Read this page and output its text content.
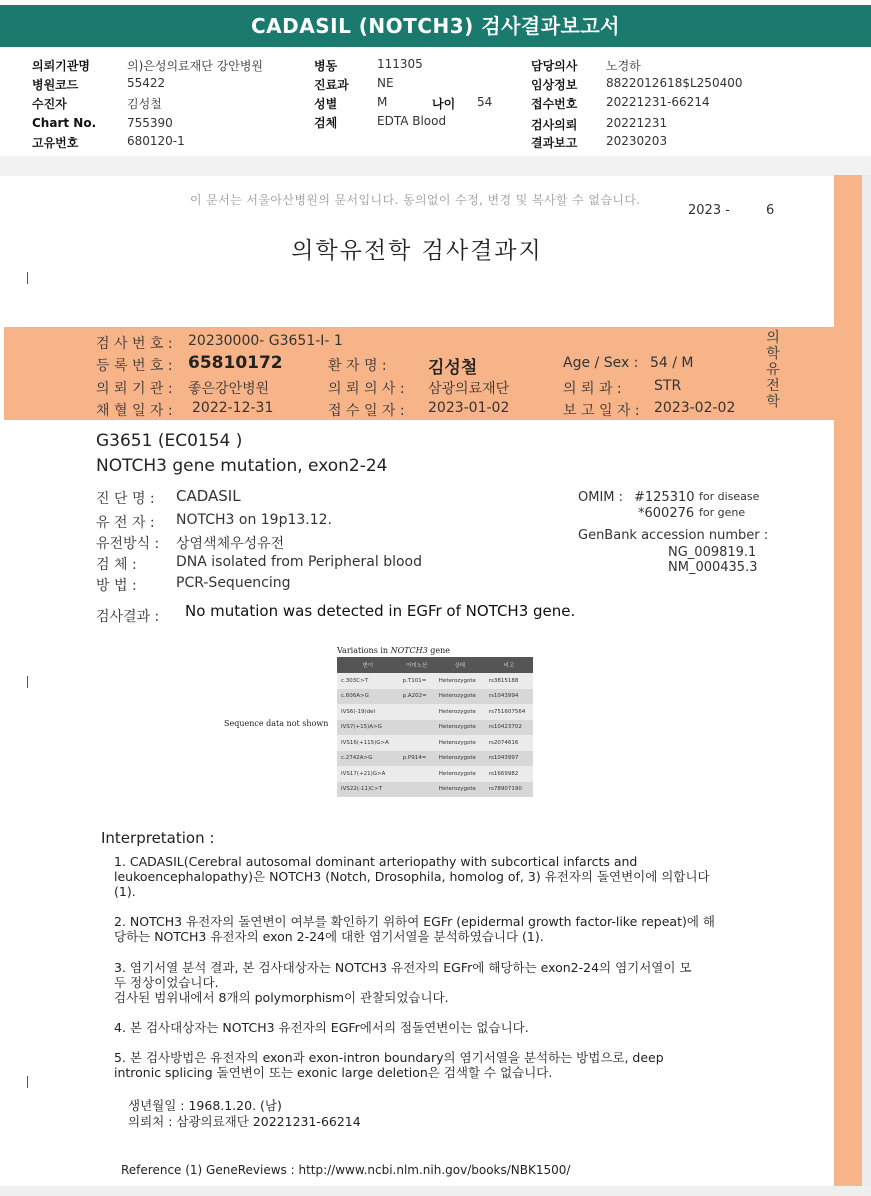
CADASIL (NOTCH3) 검사결과보고서
의뢰기관명	의)은성의료재단 강안병원
병원코드	55422
수진자	김성철
Chart No.	755390
고유번호	680120-1
병동	111305
진료과 NE
성별	M	나이 54
검체	EDTA Blood
담당의사 노경하
임상정보 8822012618$L250400
접수번호 20221231-66214
검사의뢰 20221231
결과보고 20230203
이 문서는 서울아산병원의 문서입니다. 동의없이 수정, 변경 및 복사할 수 없습니다.
2023 -	6
의학유전학 검사결과지
의
학
유
전
학
검 사 번 호 : 20230000- G3651-I- 1
등 록 번 호 : 65810172	환 자 명 : 김성철	Age / Sex : 54 / M
의 뢰 기 관 : 좋은강안병원	의 뢰 의 사 : 삼광의료재단	의 뢰 과 : STR
채 혈 일 자 : 2022-12-31	접 수 일 자 : 2023-01-02	보 고 일 자 : 2023-02-02
G3651 (EC0154 )
NOTCH3 gene mutation, exon2-24
진 단 명 : CADASIL
유 전 자 : NOTCH3 on 19p13.12.
유전방식 : 상염색체우성유전
검 체 :	DNA isolated from Peripheral blood
방 법 :	PCR-Sequencing
OMIM : #125310 for disease
*600276 for gene
GenBank accession number :
NG_009819.1
NM_000435.3
검사결과 : No mutation was detected in EGFr of NOTCH3 gene.
Sequence data not shown
Variations in NOTCH3 gene
변이	아미노산	상태	비고
c.303C>T	p.T101=	Heterozygote	rs3815188
c.606A>G	p.A202=	Heterozygote	rs1043994
IVS6(-19)del		Heterozygote	rs751607564
IVS7(+15)A>G		Heterozygote	rs10423702
IVS16(+115)G>A		Heterozygote	rs2074616
c.2742A>G	p.P914=	Heterozygote	rs1043997
IVS17(+21)G>A		Heterozygote	rs1669982
IVS22(-11)C>T		Heterozygote	rs78907190
Interpretation :
1. CADASIL(Cerebral autosomal dominant arteriopathy with subcortical infarcts and
leukoencephalopathy)은 NOTCH3 (Notch, Drosophila, homolog of, 3) 유전자의 돌연변이에 의합니다
(1).
2. NOTCH3 유전자의 돌연변이 여부를 확인하기 위하여 EGFr (epidermal growth factor-like repeat)에 해
당하는 NOTCH3 유전자의 exon 2-24에 대한 염기서열을 분석하였습니다 (1).
3. 염기서열 분석 결과, 본 검사대상자는 NOTCH3 유전자의 EGFr에 해당하는 exon2-24의 염기서열이 모
두 정상이었습니다.
검사된 범위내에서 8개의 polymorphism이 관찰되었습니다.
4. 본 검사대상자는 NOTCH3 유전자의 EGFr에서의 점돌연변이는 없습니다.
5. 본 검사방법은 유전자의 exon과 exon-intron boundary의 염기서열을 분석하는 방법으로, deep
intronic splicing 돌연변이 또는 exonic large deletion은 검색할 수 없습니다.
생년월일 : 1968.1.20. (남)
의뢰처 : 삼광의료재단 20221231-66214
Reference (1) GeneReviews : http://www.ncbi.nlm.nih.gov/books/NBK1500/
